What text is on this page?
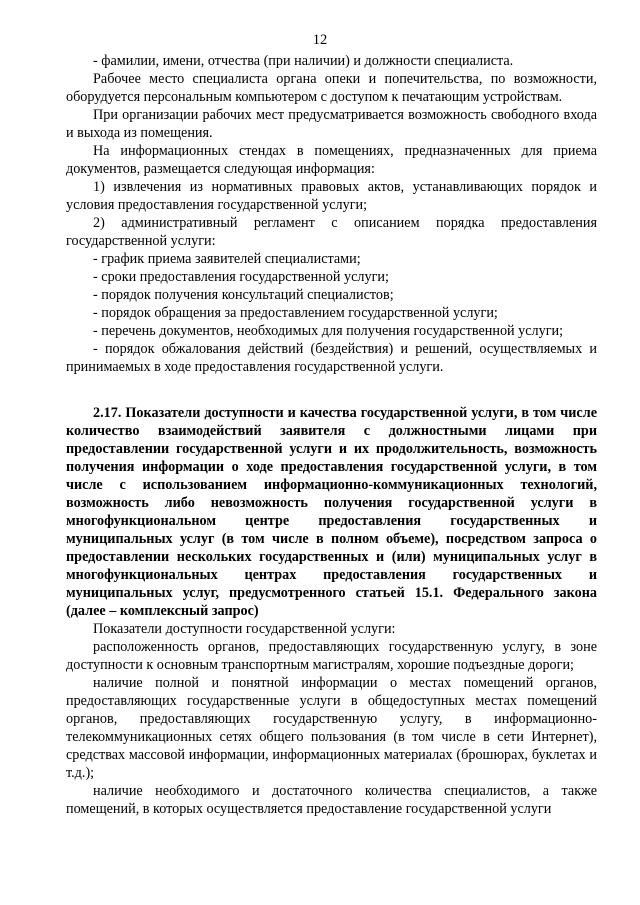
12

- фамилии, имени, отчества (при наличии) и должности специалиста.

Рабочее место специалиста органа опеки и попечительства, по возможности, оборудуется персональным компьютером с доступом к печатающим устройствам.

При организации рабочих мест предусматривается возможность свободного входа и выхода из помещения.

На информационных стендах в помещениях, предназначенных для приема документов, размещается следующая информация:

1) извлечения из нормативных правовых актов, устанавливающих порядок и условия предоставления государственной услуги;

2) административный регламент с описанием порядка предоставления государственной услуги:

- график приема заявителей специалистами;

- сроки предоставления государственной услуги;

- порядок получения консультаций специалистов;

- порядок обращения за предоставлением государственной услуги;

- перечень документов, необходимых для получения государственной услуги;

- порядок обжалования действий (бездействия) и решений, осуществляемых и принимаемых в ходе предоставления государственной услуги.

2.17. Показатели доступности и качества государственной услуги, в том числе количество взаимодействий заявителя с должностными лицами при предоставлении государственной услуги и их продолжительность, возможность получения информации о ходе предоставления государственной услуги, в том числе с использованием информационно-коммуникационных технологий, возможность либо невозможность получения государственной услуги в многофункциональном центре предоставления государственных и муниципальных услуг (в том числе в полном объеме), посредством запроса о предоставлении нескольких государственных и (или) муниципальных услуг в многофункциональных центрах предоставления государственных и муниципальных услуг, предусмотренного статьей 15.1. Федерального закона (далее – комплексный запрос)

Показатели доступности государственной услуги:

расположенность органов, предоставляющих государственную услугу, в зоне доступности к основным транспортным магистралям, хорошие подъездные дороги;

наличие полной и понятной информации о местах помещений органов, предоставляющих государственные услуги в общедоступных местах помещений органов, предоставляющих государственную услугу, в информационно-телекоммуникационных сетях общего пользования (в том числе в сети Интернет), средствах массовой информации, информационных материалах (брошюрах, буклетах и т.д.);

наличие необходимого и достаточного количества специалистов, а также помещений, в которых осуществляется предоставление государственной услуги
